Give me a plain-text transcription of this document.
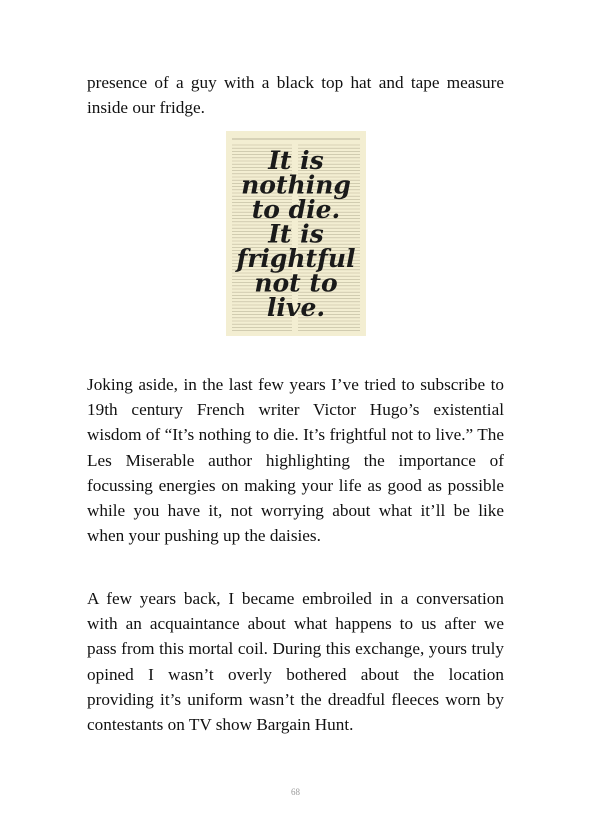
presence of a guy with a black top hat and tape measure inside our fridge.

It is
nothing
to die.
It is
frightful
not to
live.

Joking aside, in the last few years I’ve tried to subscribe to 19th century French writer Victor Hugo’s existential wisdom of “It’s nothing to die. It’s frightful not to live.” The Les Miserable author highlighting the importance of focussing energies on making your life as good as possible while you have it, not worrying about what it’ll be like when your pushing up the daisies.

A few years back, I became embroiled in a conversation with an acquaintance about what happens to us after we pass from this mortal coil. During this exchange, yours truly opined I wasn’t overly bothered about the location providing it’s uniform wasn’t the dreadful fleeces worn by contestants on TV show Bargain Hunt.

68
